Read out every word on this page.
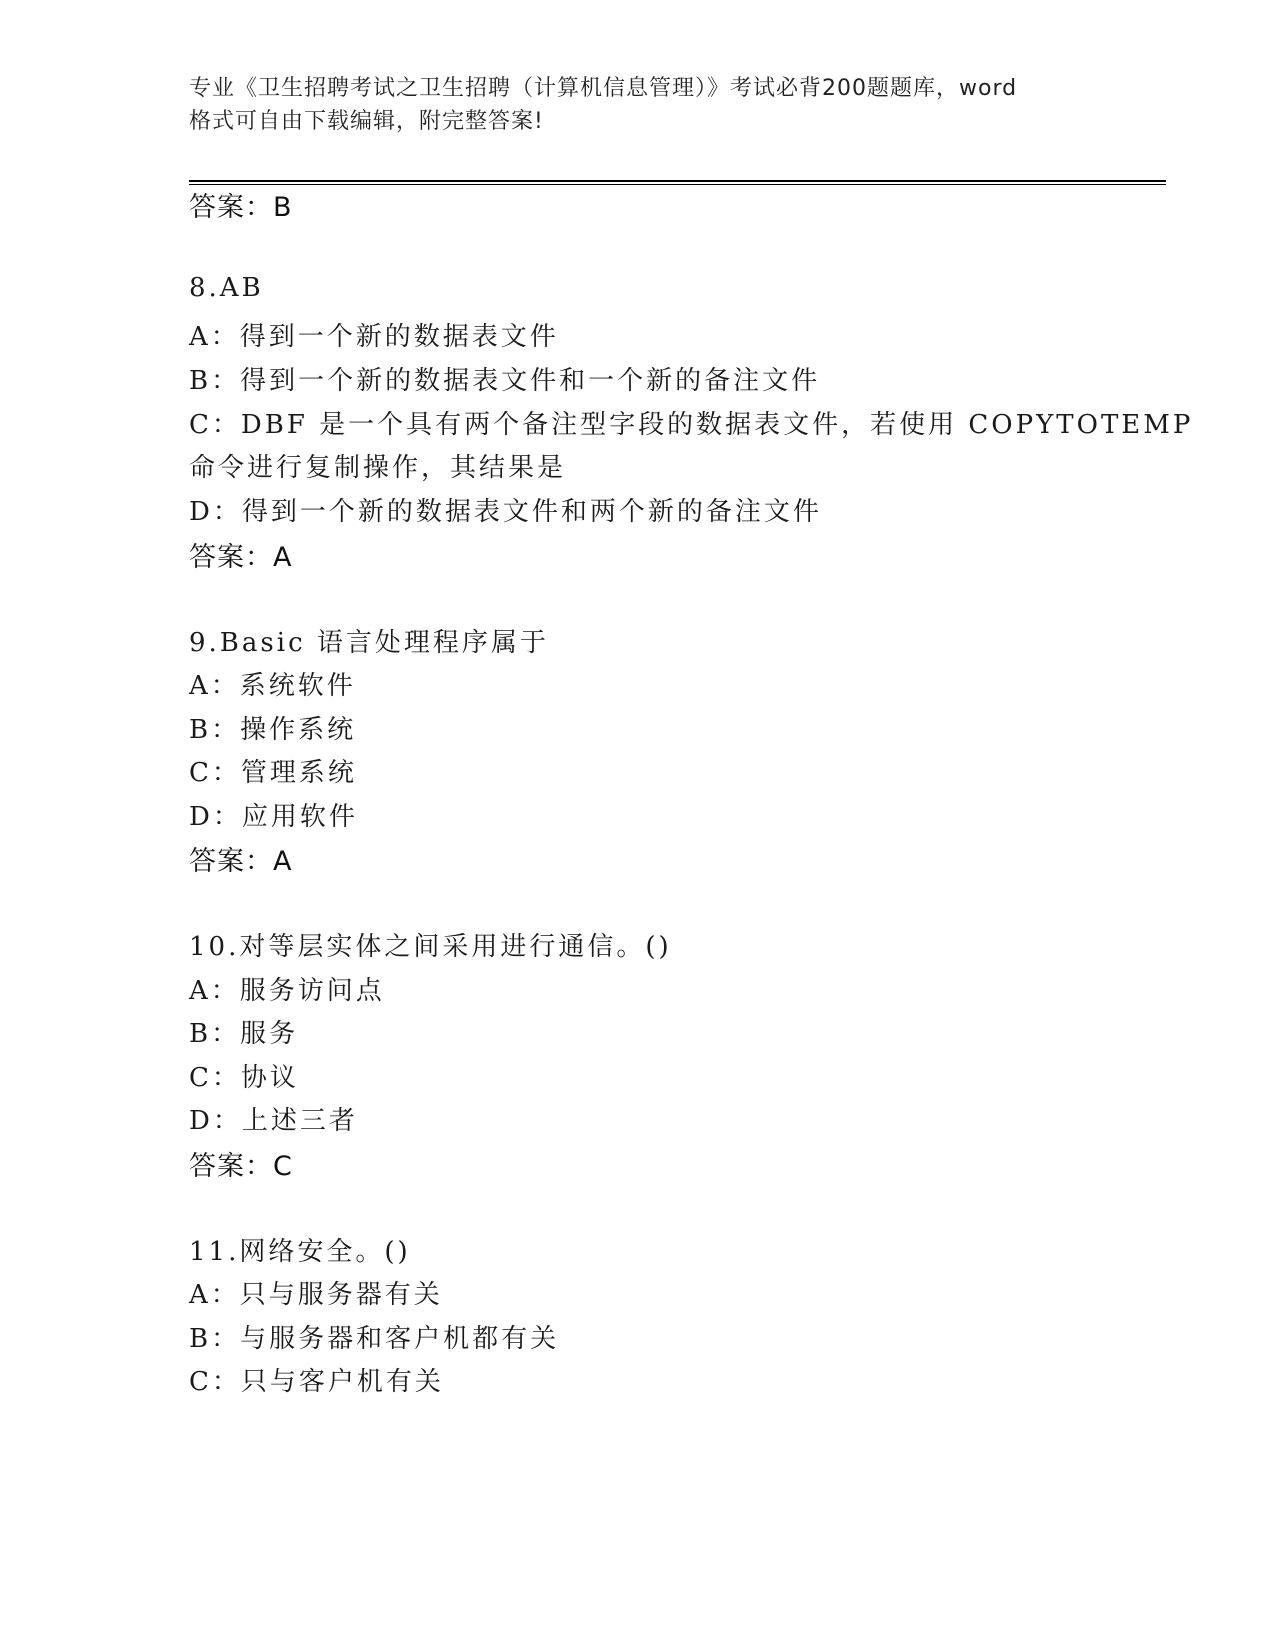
专业《卫生招聘考试之卫生招聘（计算机信息管理）》考试必背200题题库，word
格式可自由下载编辑，附完整答案!
答案：B
8.AB
A：得到一个新的数据表文件
B：得到一个新的数据表文件和一个新的备注文件
C：DBF 是一个具有两个备注型字段的数据表文件，若使用 COPYTOTEMP
命令进行复制操作，其结果是
D：得到一个新的数据表文件和两个新的备注文件
答案：A
9.Basic 语言处理程序属于
A：系统软件
B：操作系统
C：管理系统
D：应用软件
答案：A
10.对等层实体之间采用进行通信。()
A：服务访问点
B：服务
C：协议
D：上述三者
答案：C
11.网络安全。()
A：只与服务器有关
B：与服务器和客户机都有关
C：只与客户机有关
